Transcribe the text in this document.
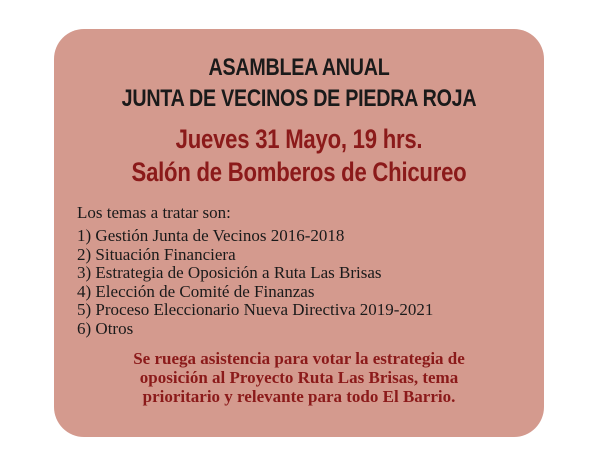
ASAMBLEA ANUAL
JUNTA DE VECINOS DE PIEDRA ROJA
Jueves 31 Mayo, 19 hrs.
Salón de Bomberos de Chicureo
Los temas a tratar son:
1) Gestión Junta de Vecinos 2016-2018
2) Situación Financiera
3) Estrategia de Oposición a Ruta Las Brisas
4) Elección de Comité de Finanzas
5) Proceso Eleccionario Nueva Directiva 2019-2021
6) Otros
Se ruega asistencia para votar la estrategia de
oposición al Proyecto Ruta Las Brisas, tema
prioritario y relevante para todo El Barrio.
